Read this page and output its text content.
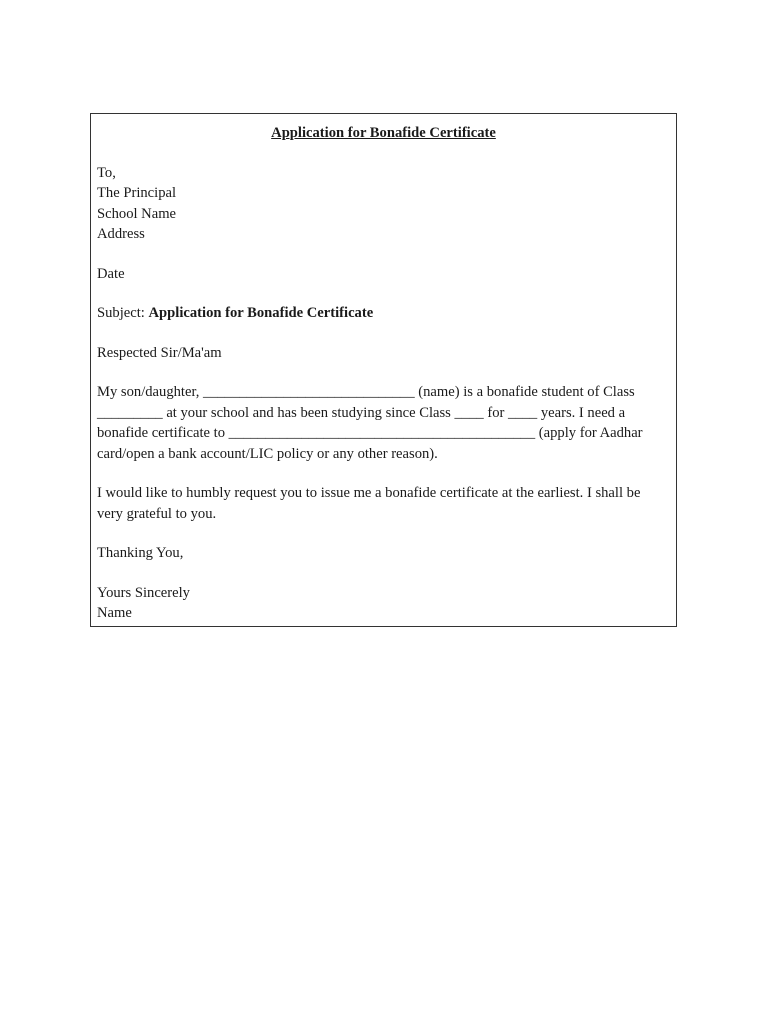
Application for Bonafide Certificate
To,
The Principal
School Name
Address
Date
Subject: Application for Bonafide Certificate
Respected Sir/Ma'am
My son/daughter, _____________________________ (name) is a bonafide student of Class _________ at your school and has been studying since Class ____ for ____ years. I need a bonafide certificate to __________________________________________ (apply for Aadhar card/open a bank account/LIC policy or any other reason).
I would like to humbly request you to issue me a bonafide certificate at the earliest. I shall be very grateful to you.
Thanking You,
Yours Sincerely
Name
